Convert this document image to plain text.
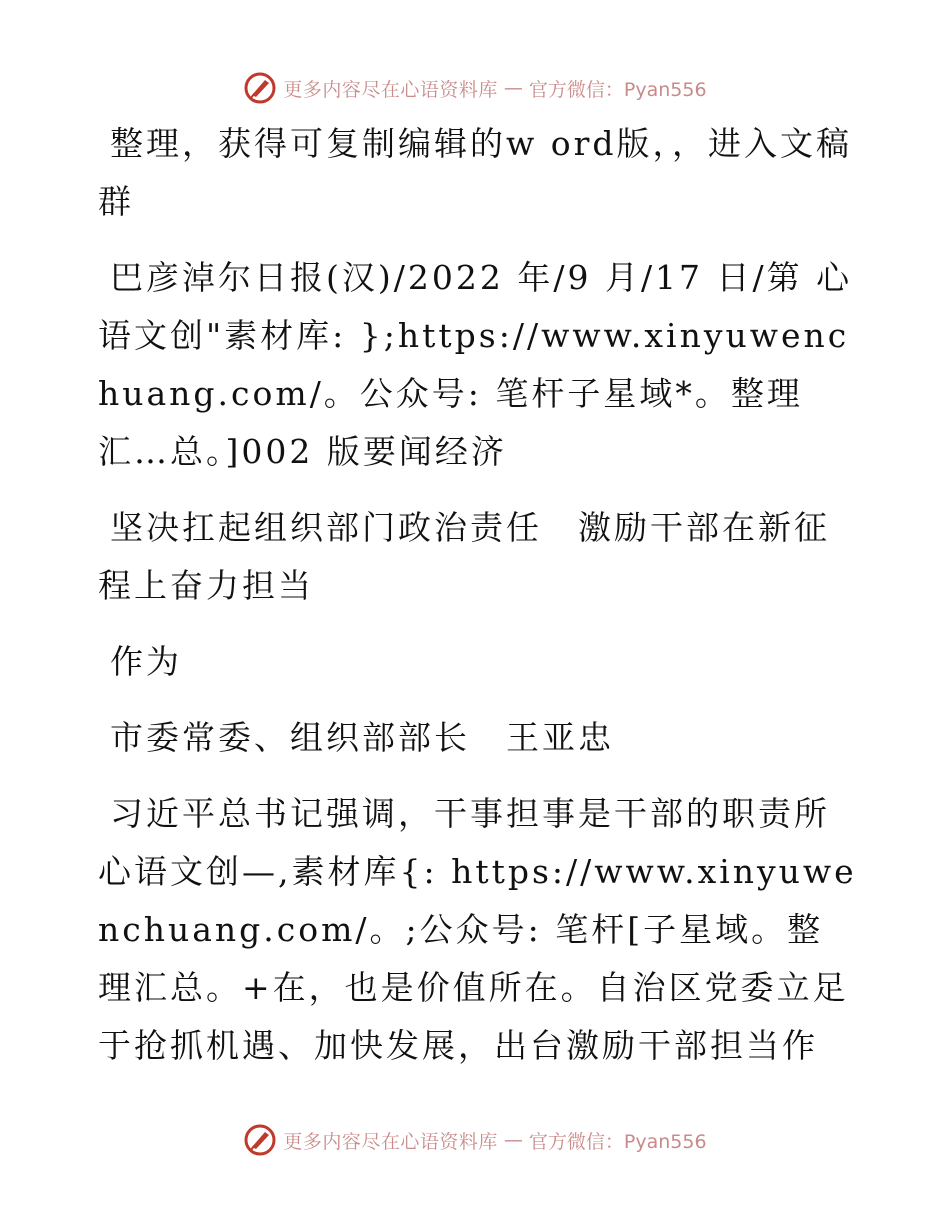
更多内容尽在心语资料库 — 官方微信：Pyan556

整理，获得可复制编辑的w ord版，，进入文稿群

巴彦淖尔日报(汉)/2022 年/9 月/17 日/第 心语文创"素材库: };https://www.xinyuwenchuang.com/。公众号: 笔杆子星域*。整理汇…总。]002 版要闻经济

坚决扛起组织部门政治责任　激励干部在新征程上奋力担当

作为

市委常委、组织部部长　王亚忠

习近平总书记强调，干事担事是干部的职责所心语文创—,素材库{: https://www.xinyuwenchuang.com/。;公众号: 笔杆[子星域。整理汇总。+在，也是价值所在。自治区党委立足于抢抓机遇、加快发展，出台激励干部担当作

更多内容尽在心语资料库 — 官方微信：Pyan556
